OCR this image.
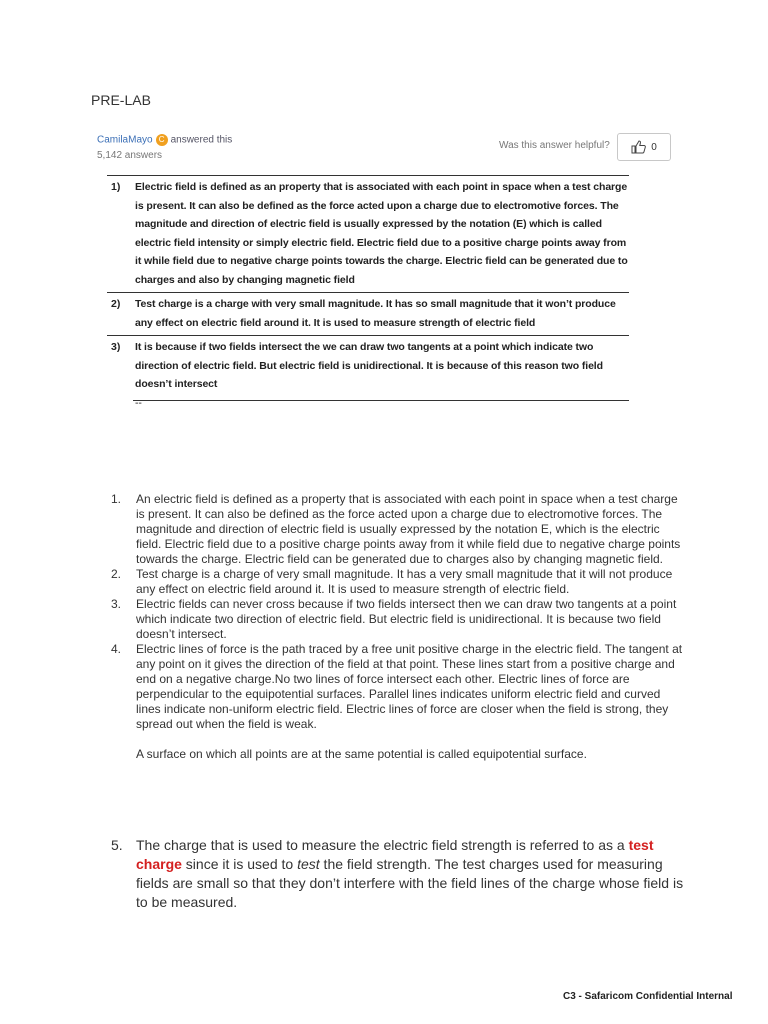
PRE-LAB
CamilaMayo C answered this
5,142 answers
Was this answer helpful?	0
1) Electric field is defined as an property that is associated with each point in space when a test charge is present. It can also be defined as the force acted upon a charge due to electromotive forces. The magnitude and direction of electric field is usually expressed by the notation (E) which is called electric field intensity or simply electric field. Electric field due to a positive charge points away from it while field due to negative charge points towards the charge. Electric field can be generated due to charges and also by changing magnetic field
2) Test charge is a charge with very small magnitude. It has so small magnitude that it won’t produce any effect on electric field around it. It is used to measure strength of electric field
3) It is because if two fields intersect the we can draw two tangents at a point which indicate two direction of electric field. But electric field is unidirectional. It is because of this reason two field doesn’t intersect
--
1. An electric field is defined as a property that is associated with each point in space when a test charge is present. It can also be defined as the force acted upon a charge due to electromotive forces. The magnitude and direction of electric field is usually expressed by the notation E, which is the electric field. Electric field due to a positive charge points away from it while field due to negative charge points towards the charge. Electric field can be generated due to charges also by changing magnetic field.

2. Test charge is a charge of very small magnitude. It has a very small magnitude that it will not produce any effect on electric field around it. It is used to measure strength of electric field.

3. Electric fields can never cross because if two fields intersect then we can draw two tangents at a point which indicate two direction of electric field. But electric field is unidirectional. It is because two field doesn’t intersect.

4. Electric lines of force is the path traced by a free unit positive charge in the electric field. The tangent at any point on it gives the direction of the field at that point. These lines start from a positive charge and end on a negative charge.No two lines of force intersect each other. Electric lines of force are perpendicular to the equipotential surfaces. Parallel lines indicates uniform electric field and curved lines indicate non-uniform electric field. Electric lines of force are closer when the field is strong, they spread out when the field is weak.

A surface on which all points are at the same potential is called equipotential surface.

5. The charge that is used to measure the electric field strength is referred to as a test charge since it is used to test the field strength. The test charges used for measuring fields are small so that they don’t interfere with the field lines of the charge whose field is to be measured.
C3 - Safaricom Confidential Internal
